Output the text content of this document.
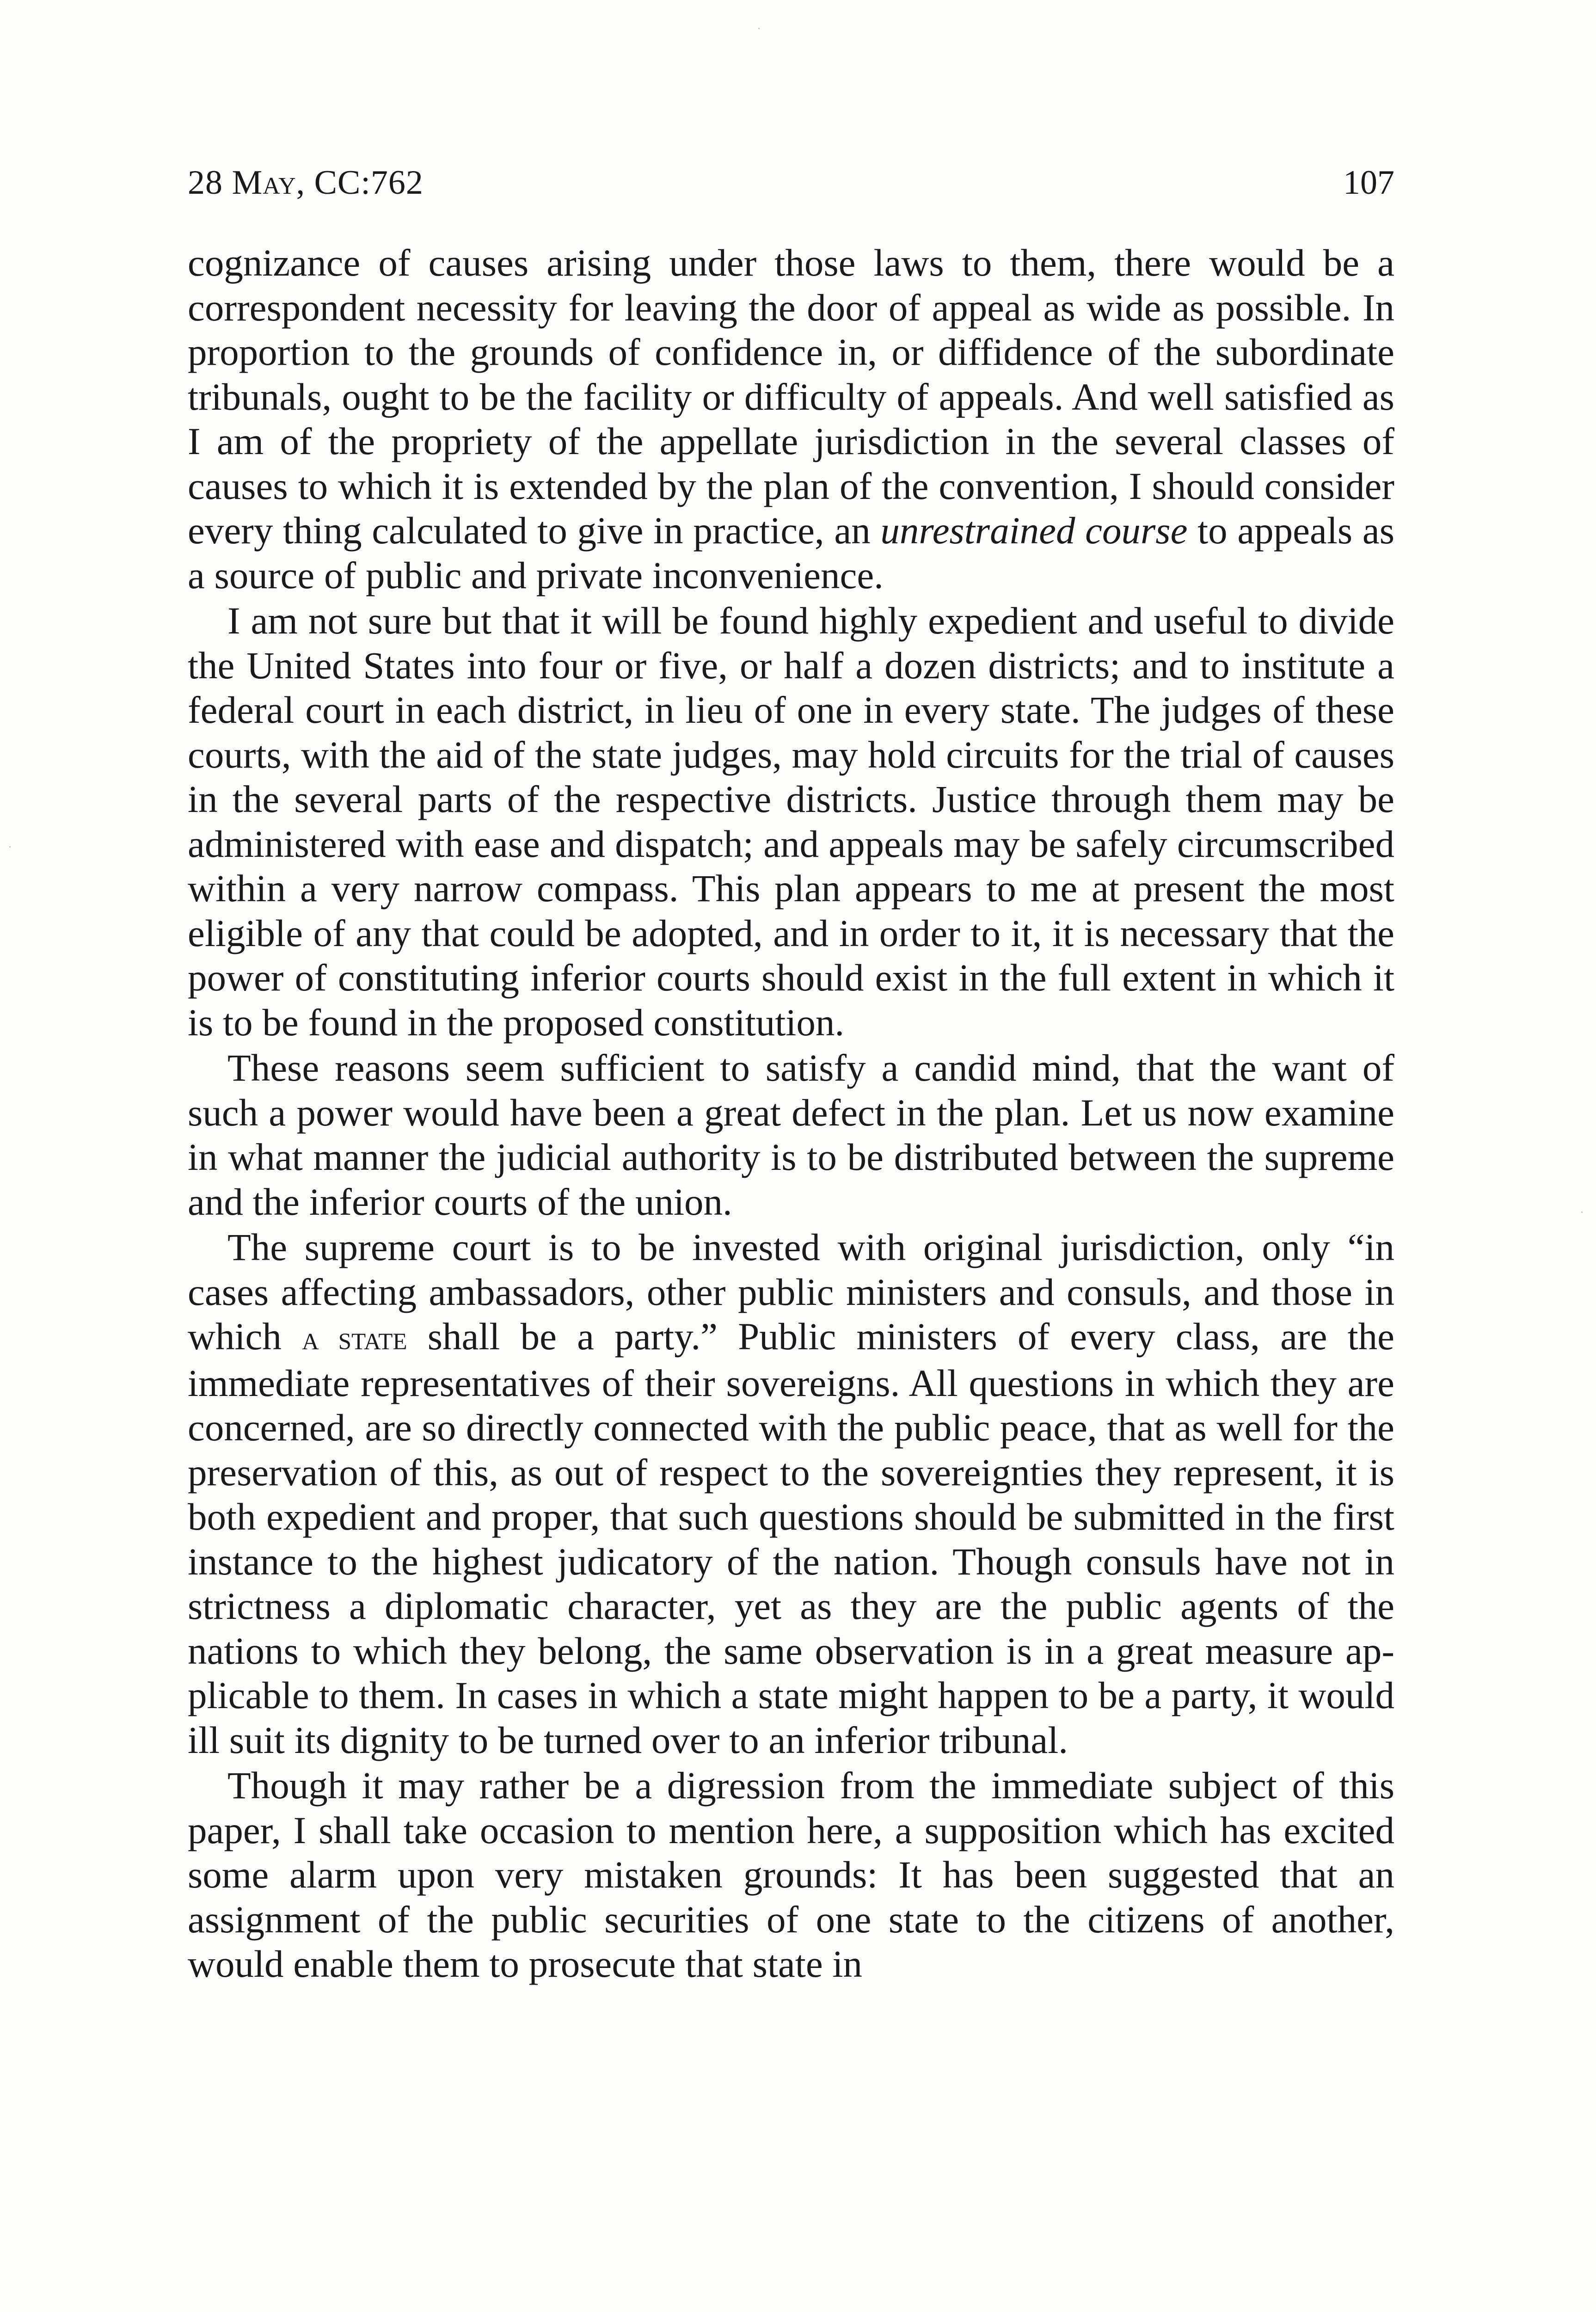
28 May, CC:762	107

cognizance of causes arising under those laws to them, there would be a correspondent necessity for leaving the door of appeal as wide as possible. In proportion to the grounds of confidence in, or diffidence of the subordinate tribunals, ought to be the facility or difficulty of appeals. And well satisfied as I am of the propriety of the appellate jurisdiction in the several classes of causes to which it is extended by the plan of the convention, I should consider every thing calculated to give in practice, an unrestrained course to appeals as a source of public and private inconvenience.

I am not sure but that it will be found highly expedient and useful to divide the United States into four or five, or half a dozen districts; and to institute a federal court in each district, in lieu of one in every state. The judges of these courts, with the aid of the state judges, may hold circuits for the trial of causes in the several parts of the respective districts. Justice through them may be administered with ease and dispatch; and appeals may be safely circumscribed within a very narrow compass. This plan appears to me at present the most eligible of any that could be adopted, and in order to it, it is necessary that the power of constituting inferior courts should exist in the full extent in which it is to be found in the proposed constitution.

These reasons seem sufficient to satisfy a candid mind, that the want of such a power would have been a great defect in the plan. Let us now examine in what manner the judicial authority is to be distributed between the supreme and the inferior courts of the union.

The supreme court is to be invested with original jurisdiction, only “in cases affecting ambassadors, other public ministers and consuls, and those in which a state shall be a party.” Public ministers of every class, are the immediate representatives of their sovereigns. All questions in which they are concerned, are so directly connected with the public peace, that as well for the preservation of this, as out of respect to the sovereignties they represent, it is both expedient and proper, that such questions should be submitted in the first instance to the highest judicatory of the nation. Though consuls have not in strictness a diplomatic character, yet as they are the public agents of the nations to which they belong, the same observation is in a great measure applicable to them. In cases in which a state might happen to be a party, it would ill suit its dignity to be turned over to an inferior tribunal.

Though it may rather be a digression from the immediate subject of this paper, I shall take occasion to mention here, a supposition which has excited some alarm upon very mistaken grounds: It has been suggested that an assignment of the public securities of one state to the citizens of another, would enable them to prosecute that state in
